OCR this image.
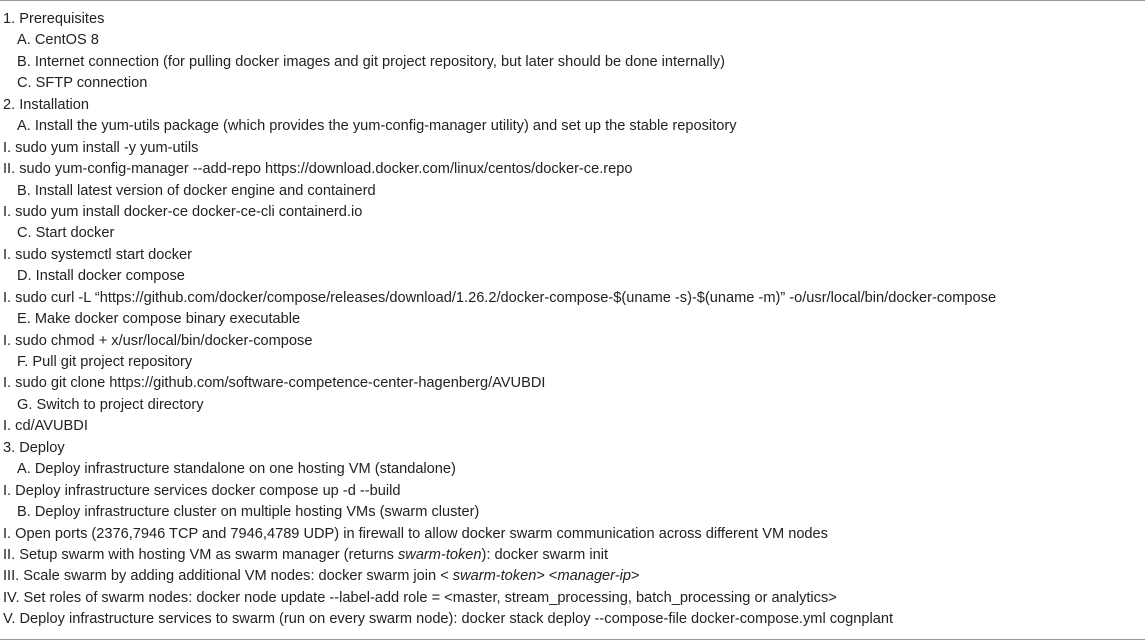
1. Prerequisites
A. CentOS 8
B. Internet connection (for pulling docker images and git project repository, but later should be done internally)
C. SFTP connection
2. Installation
A. Install the yum-utils package (which provides the yum-config-manager utility) and set up the stable repository
I. sudo yum install -y yum-utils
II. sudo yum-config-manager --add-repo https://download.docker.com/linux/centos/docker-ce.repo
B. Install latest version of docker engine and containerd
I. sudo yum install docker-ce docker-ce-cli containerd.io
C. Start docker
I. sudo systemctl start docker
D. Install docker compose
I. sudo curl -L “https://github.com/docker/compose/releases/download/1.26.2/docker-compose-$(uname -s)-$(uname -m)” -o/usr/local/bin/docker-compose
E. Make docker compose binary executable
I. sudo chmod + x/usr/local/bin/docker-compose
F. Pull git project repository
I. sudo git clone https://github.com/software-competence-center-hagenberg/AVUBDI
G. Switch to project directory
I. cd/AVUBDI
3. Deploy
A. Deploy infrastructure standalone on one hosting VM (standalone)
I. Deploy infrastructure services docker compose up -d --build
B. Deploy infrastructure cluster on multiple hosting VMs (swarm cluster)
I. Open ports (2376,7946 TCP and 7946,4789 UDP) in firewall to allow docker swarm communication across different VM nodes
II. Setup swarm with hosting VM as swarm manager (returns swarm-token): docker swarm init
III. Scale swarm by adding additional VM nodes: docker swarm join < swarm-token> <manager-ip>
IV. Set roles of swarm nodes: docker node update --label-add role = <master, stream_processing, batch_processing or analytics>
V. Deploy infrastructure services to swarm (run on every swarm node): docker stack deploy --compose-file docker-compose.yml cognplant
